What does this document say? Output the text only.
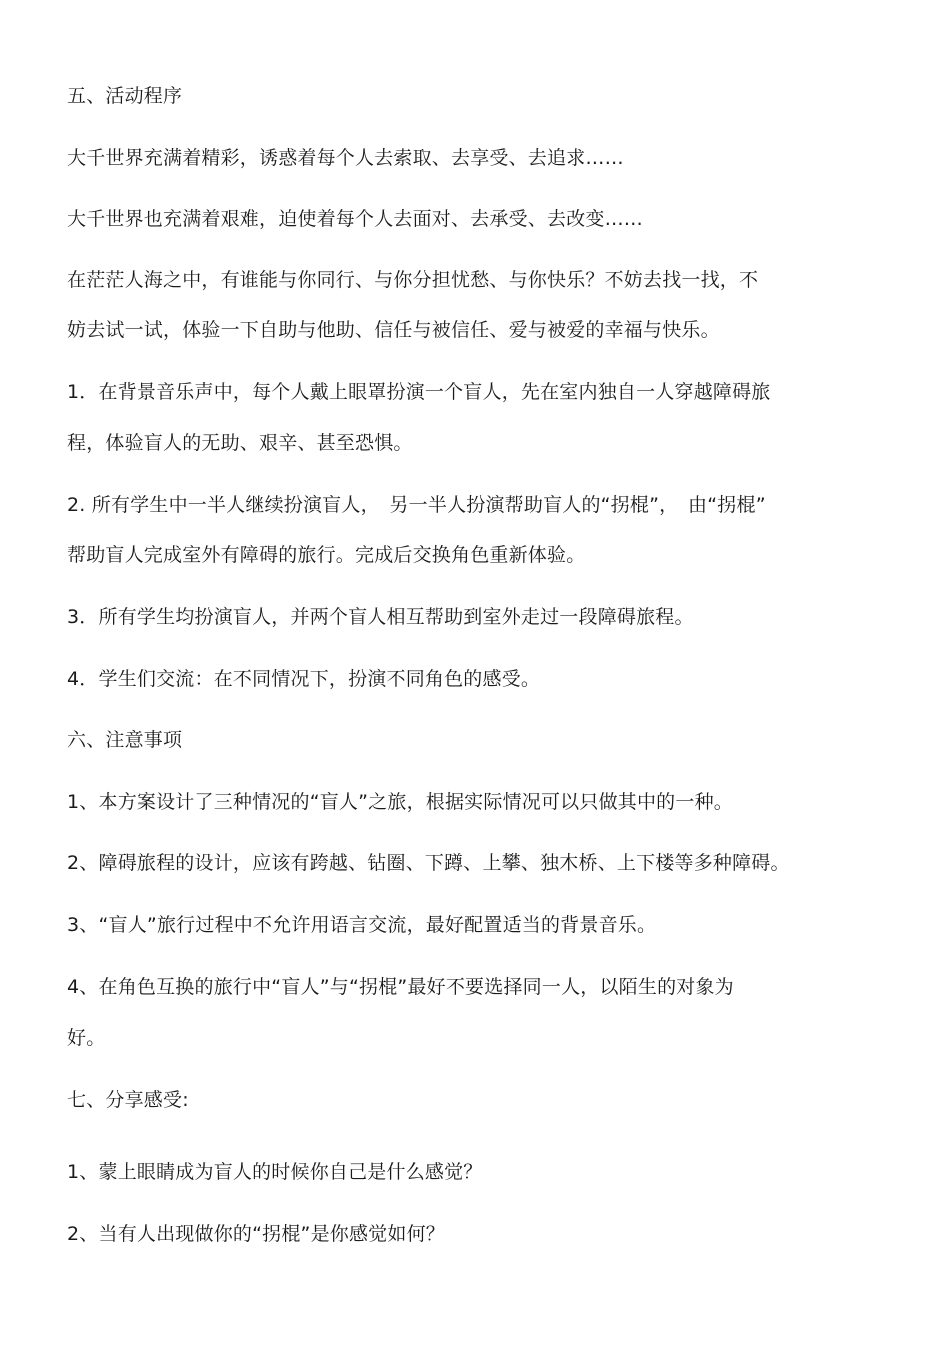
五、活动程序
大千世界充满着精彩，诱惑着每个人去索取、去享受、去追求……
大千世界也充满着艰难，迫使着每个人去面对、去承受、去改变……
在茫茫人海之中，有谁能与你同行、与你分担忧愁、与你快乐？不妨去找一找，不
妨去试一试，体验一下自助与他助、信任与被信任、爱与被爱的幸福与快乐。
1．在背景音乐声中，每个人戴上眼罩扮演一个盲人，先在室内独自一人穿越障碍旅
程，体验盲人的无助、艰辛、甚至恐惧。
2. 所有学生中一半人继续扮演盲人，　另一半人扮演帮助盲人的“拐棍”，　由“拐棍”
帮助盲人完成室外有障碍的旅行。完成后交换角色重新体验。
3．所有学生均扮演盲人，并两个盲人相互帮助到室外走过一段障碍旅程。
4．学生们交流：在不同情况下，扮演不同角色的感受。
六、注意事项
1、本方案设计了三种情况的“盲人”之旅，根据实际情况可以只做其中的一种。
2、障碍旅程的设计，应该有跨越、钻圈、下蹲、上攀、独木桥、上下楼等多种障碍。
3、“盲人”旅行过程中不允许用语言交流，最好配置适当的背景音乐。
4、在角色互换的旅行中“盲人”与“拐棍”最好不要选择同一人，以陌生的对象为
好。
七、分享感受:
1、蒙上眼睛成为盲人的时候你自己是什么感觉？
2、当有人出现做你的“拐棍”是你感觉如何？
